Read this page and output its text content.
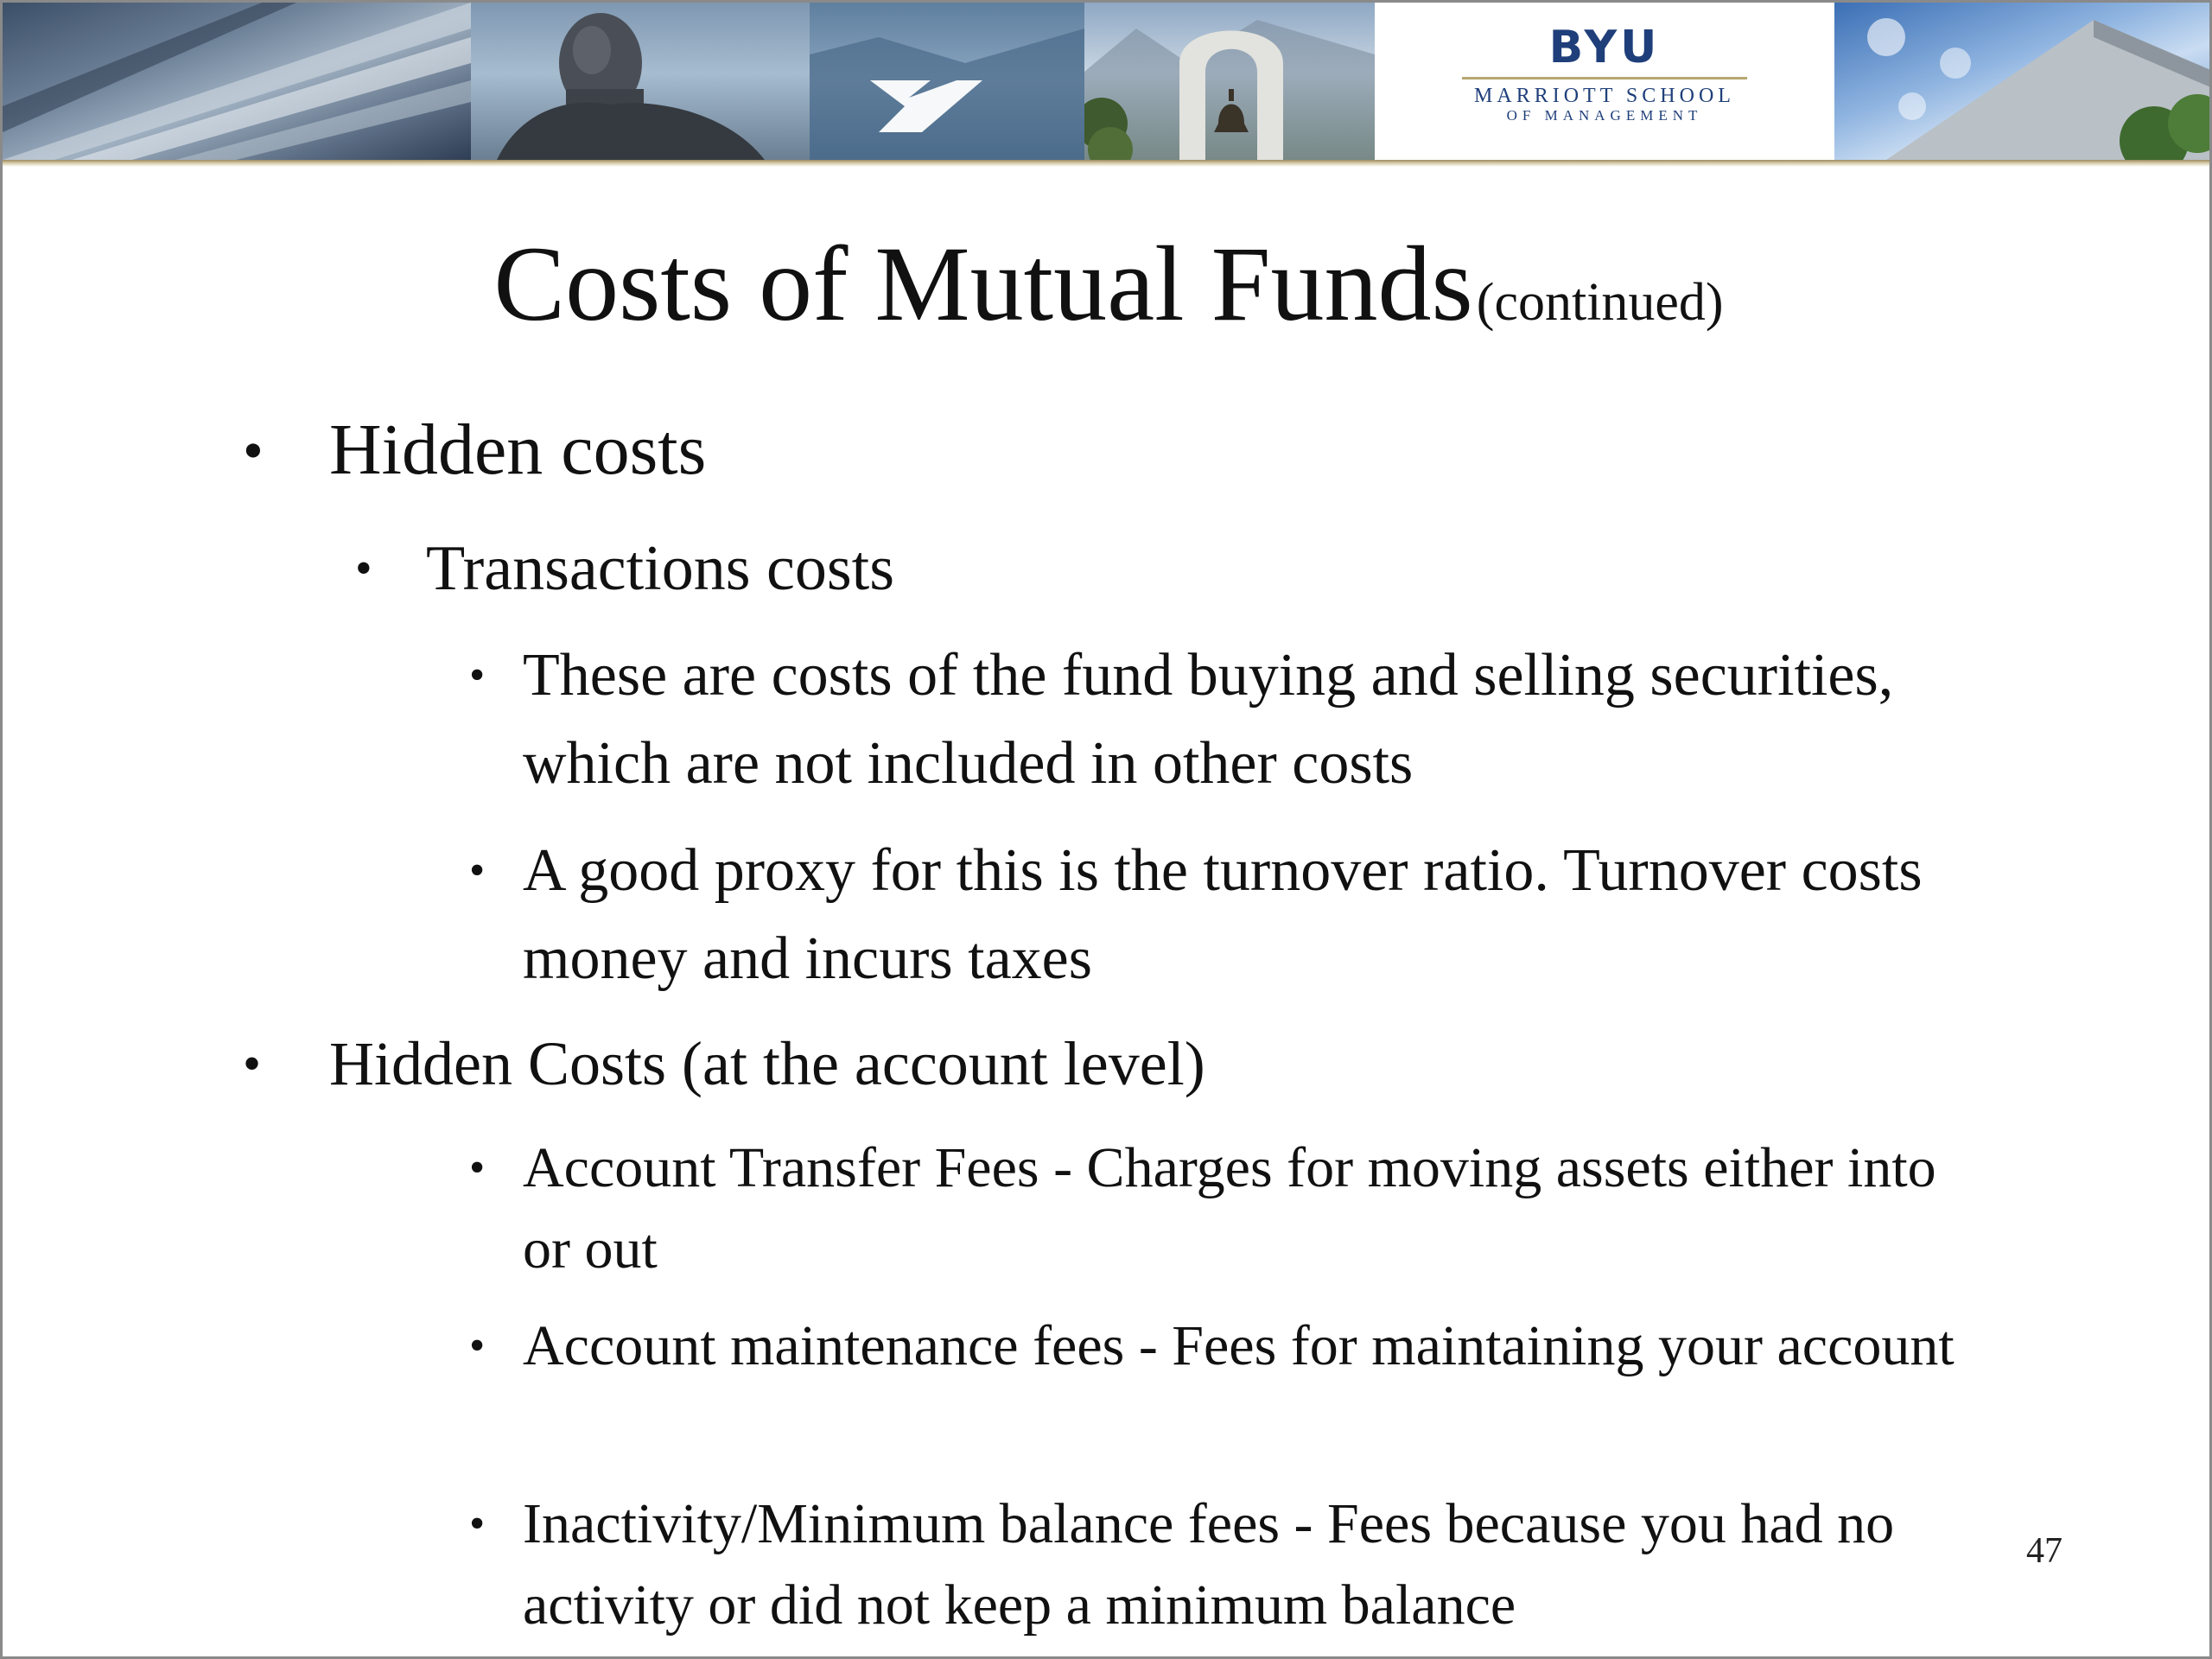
BYU
MARRIOTT SCHOOL
OF MANAGEMENT
Costs of Mutual Funds (continued)
• Hidden costs
• Transactions costs
• These are costs of the fund buying and selling securities, which are not included in other costs
• A good proxy for this is the turnover ratio. Turnover costs money and incurs taxes
• Hidden Costs (at the account level)
• Account Transfer Fees - Charges for moving assets either into or out
• Account maintenance fees - Fees for maintaining your account
• Inactivity/Minimum balance fees - Fees because you had no activity or did not keep a minimum balance
47
